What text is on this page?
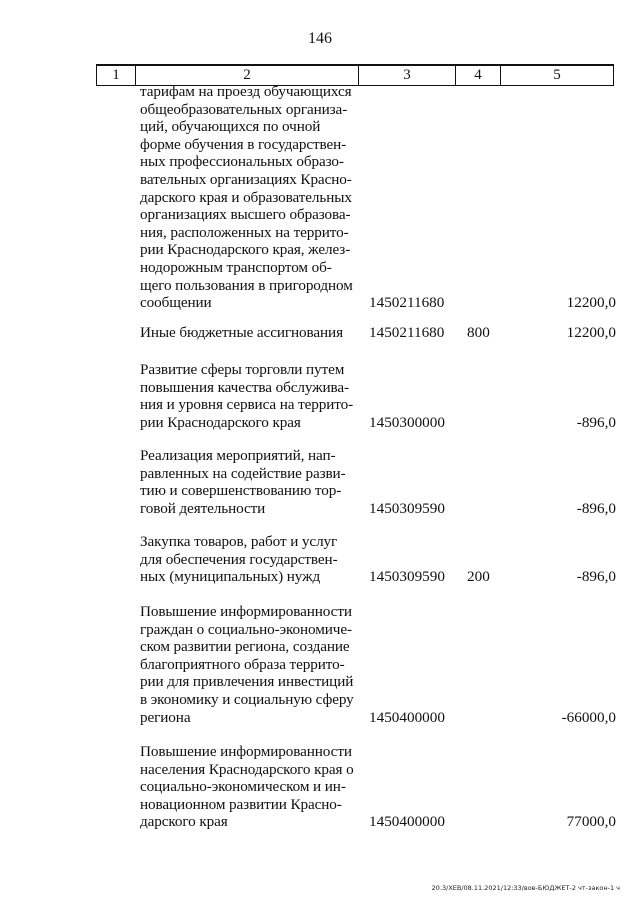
146
1	2	3	4	5
тарифам на проезд обучающихся
общеобразовательных организа-
ций, обучающихся по очной
форме обучения в государствен-
ных профессиональных образо-
вательных организациях Красно-
дарского края и образовательных
организациях высшего образова-
ния, расположенных на террито-
рии Краснодарского края, желез-
нодорожным транспортом об-
щего пользования в пригородном
сообщении	1450211680	12200,0
Иные бюджетные ассигнования	1450211680 800	12200,0
Развитие сферы торговли путем
повышения качества обслужива-
ния и уровня сервиса на террито-
рии Краснодарского края	1450300000	-896,0
Реализация мероприятий, нап-
равленных на содействие разви-
тию и совершенствованию тор-
говой деятельности	1450309590	-896,0
Закупка товаров, работ и услуг
для обеспечения государствен-
ных (муниципальных) нужд	1450309590 200	-896,0
Повышение информированности
граждан о социально-экономиче-
ском развитии региона, создание
благоприятного образа террито-
рии для привлечения инвестиций
в экономику и социальную сферу
региона	1450400000	-66000,0
Повышение информированности
населения Краснодарского края о
социально-экономическом и ин-
новационном развитии Красно-
дарского края	1450400000	77000,0
20.3/ХЕВ/08.11.2021/12:33/вов-БЮДЖЕТ-2 чт-закон-1 ч
